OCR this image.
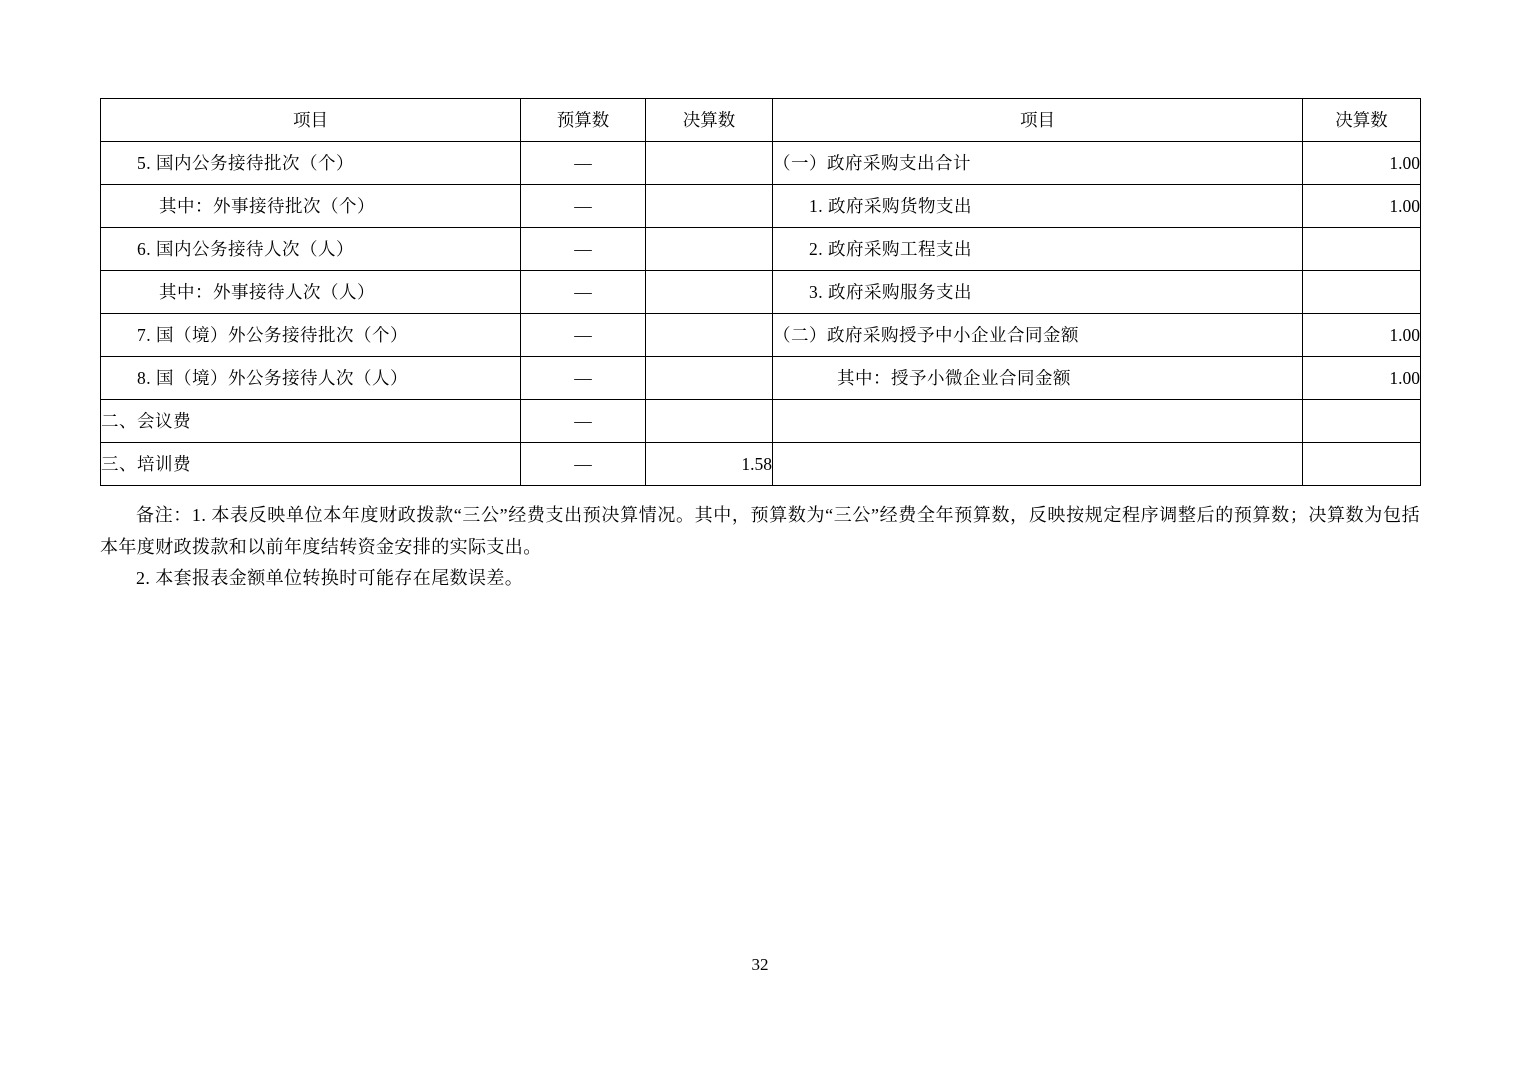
项目	预算数	决算数	项目	决算数
5. 国内公务接待批次（个）	—		（一）政府采购支出合计	1.00
其中：外事接待批次（个）	—		1. 政府采购货物支出	1.00
6. 国内公务接待人次（人）	—		2. 政府采购工程支出	
其中：外事接待人次（人）	—		3. 政府采购服务支出	
7. 国（境）外公务接待批次（个）	—		（二）政府采购授予中小企业合同金额	1.00
8. 国（境）外公务接待人次（人）	—		其中：授予小微企业合同金额	1.00
二、会议费	—			
三、培训费	—	1.58		

备注：1. 本表反映单位本年度财政拨款“三公”经费支出预决算情况。其中，预算数为“三公”经费全年预算数，反映按规定程序调整后的预算数；决算数为包括本年度财政拨款和以前年度结转资金安排的实际支出。

2. 本套报表金额单位转换时可能存在尾数误差。

32
